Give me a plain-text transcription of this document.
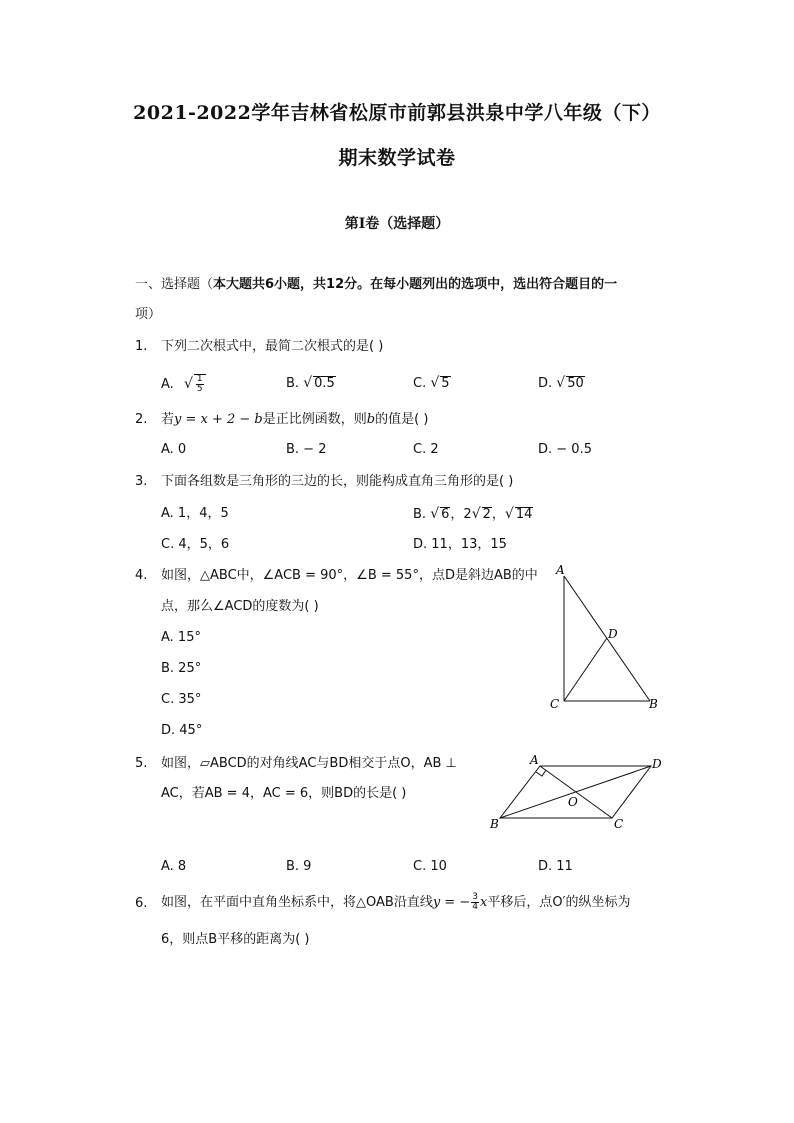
2021-2022学年吉林省松原市前郭县洪泉中学八年级（下）
期末数学试卷
第I卷（选择题）
一、选择题（本大题共6小题，共12分。在每小题列出的选项中，选出符合题目的一
项）
1. 下列二次根式中，最简二次根式的是( )
A. √ $\frac{1}{5}$	B. √ 0.5	C. √ 5	D. √ 50
2. 若y = x + 2 − b是正比例函数，则b的值是( )
A. 0	B. − 2	C. 2	D. − 0.5
3. 下面各组数是三角形的三边的长，则能构成直角三角形的是( )
A. 1，4，5	B. √ 6，2√ 2，√ 14
C. 4，5，6	D. 11，13，15
4. 如图，△ABC中，∠ACB = 90°，∠B = 55°，点D是斜边AB的中
点，那么∠ACD的度数为( )
A. 15°
B. 25°
C. 35°
D. 45°
A
D
C	B
5. 如图，▱ABCD的对角线AC与BD相交于点O，AB ⊥
AC，若AB = 4，AC = 6，则BD的长是( )
A	D
O
B	C
A. 8	B. 9	C. 10	D. 11
6. 如图，在平面中直角坐标系中，将△OAB沿直线y = − $\frac{3}{4}$ x平移后，点O′的纵坐标为
6，则点B平移的距离为( )
